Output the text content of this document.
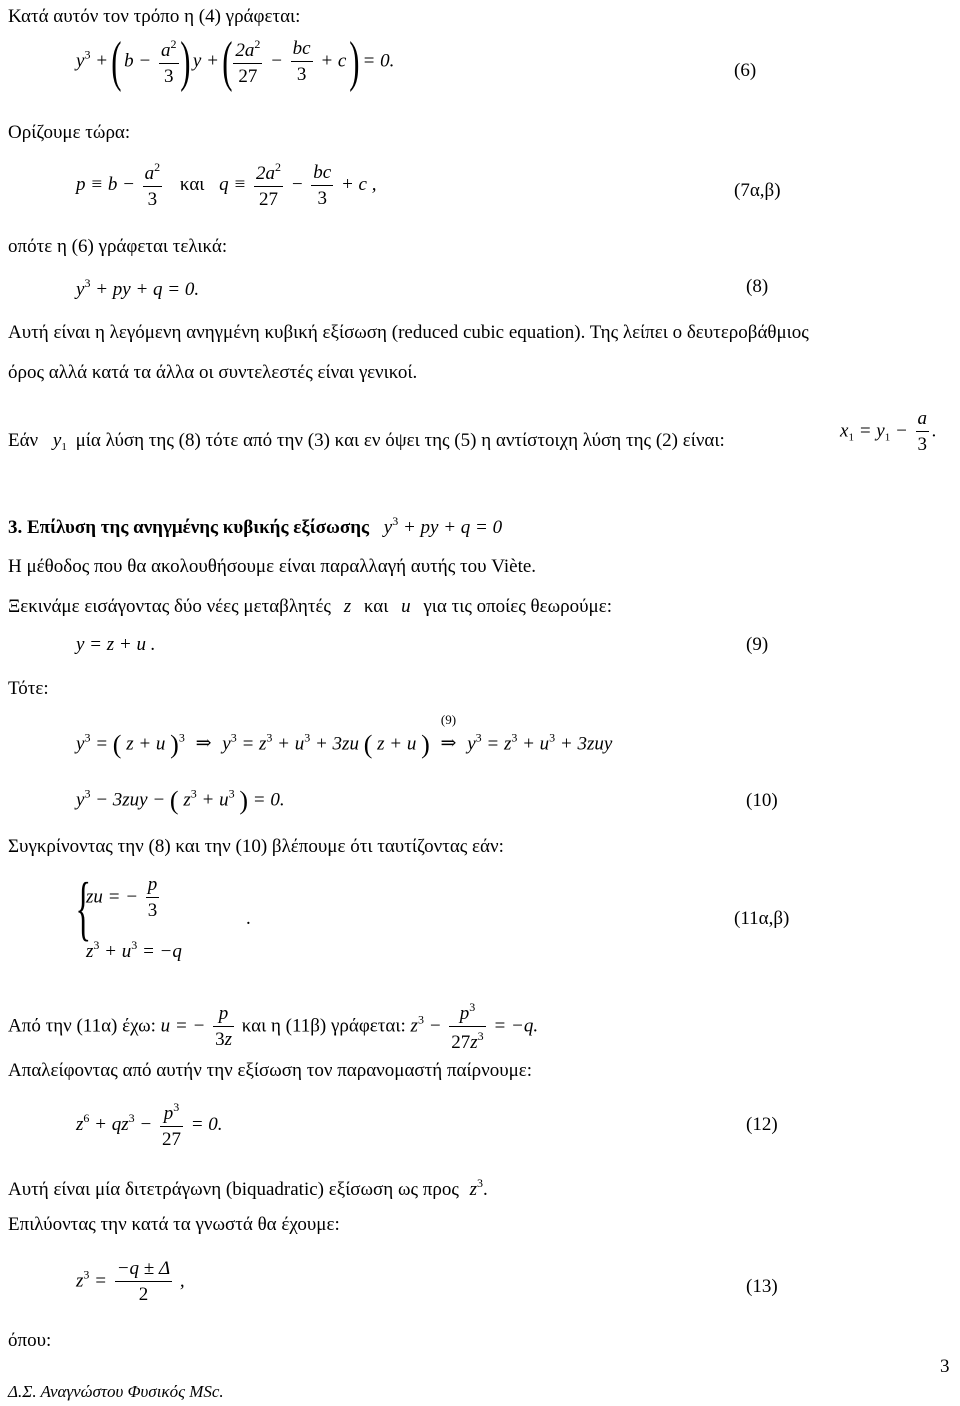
Κατά αυτόν τον τρόπο η (4) γράφεται:
$y^3$ + ( $b - \frac{a^2}{3}$ ) y + ( $\frac{2a^2}{27} - \frac{bc}{3} + c$ ) = 0.	(6)
Ορίζουμε τώρα:
$p \equiv b - \frac{a^2}{3}$ και $q \equiv \frac{2a^2}{27} - \frac{bc}{3} + c$ ,	(7α,β)
οπότε η (6) γράφεται τελικά:
$y^3$ + py + q = 0.	(8)
Αυτή είναι η λεγόμενη ανηγμένη κυβική εξίσωση (reduced cubic equation). Της λείπει ο δευτεροβάθμιος
όρος αλλά κατά τα άλλα οι συντελεστές είναι γενικοί.
Εάν $y_1$ μία λύση της (8) τότε από την (3) και εν όψει της (5) η αντίστοιχη λύση της (2) είναι:	$x_1 = y_1 - \frac{a}{3}$ .
3. Επίλυση της ανηγμένης κυβικής εξίσωσης $y^3$ + py + q = 0
Η μέθοδος που θα ακολουθήσουμε είναι παραλλαγή αυτής του Viète.
Ξεκινάμε εισάγοντας δύο νέες μεταβλητές z και u για τις οποίες θεωρούμε:
y = z + u .	(9)
Τότε:
$y^3$ = ( z + u )$^3$ ⇒ $y^3 = z^3 + u^3 + 3zu$ ( z + u )
(9)
⇒ $y^3 = z^3 + u^3 + 3zuy$
$y^3 - 3zuy$ − ( $z^3 + u^3$ ) = 0.	(10)
Συγκρίνοντας την (8) και την (10) βλέπουμε ότι ταυτίζοντας εάν:
{
zu = − $\frac{p}{3}$
$z^3 + u^3 = -q$
.	(11α,β)
Από την (11α) έχω: u = − $\frac{p}{3z}$ και η (11β) γράφεται: $z^3 - \frac{p^3}{27z^3} = -q$.
Απαλείφοντας από αυτήν την εξίσωση τον παρανομαστή παίρνουμε:
$z^6 + qz^3 - \frac{p^3}{27} = 0$.	(12)
Αυτή είναι μία διτετράγωνη (biquadratic) εξίσωση ως προς $z^3$.
Επιλύοντας την κατά τα γνωστά θα έχουμε:
$z^3 = \frac{-q \pm \Delta}{2}$ ,	(13)
όπου:
3
Δ.Σ. Αναγνώστου Φυσικός MSc.
